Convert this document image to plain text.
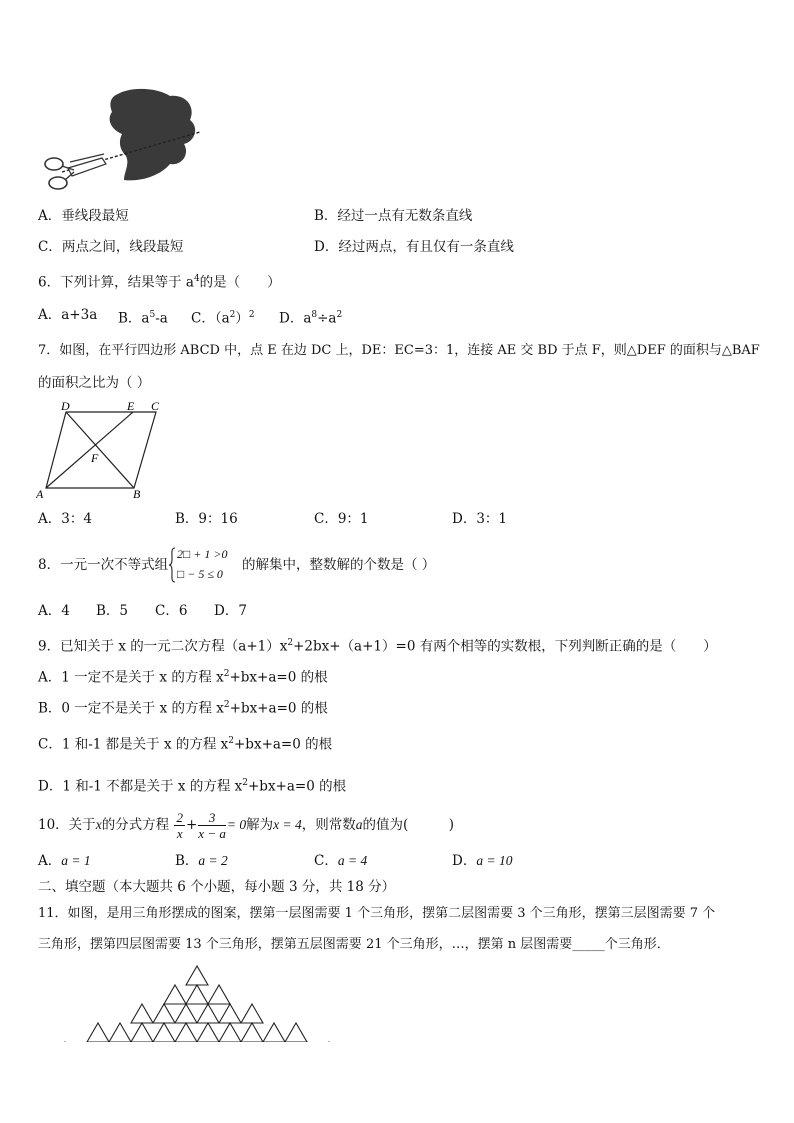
A．垂线段最短	B．经过一点有无数条直线
C．两点之间，线段最短	D．经过两点，有且仅有一条直线
6．下列计算，结果等于 $a^4$的是（　　）
A．a+3a B．$a^5-a$ C．$(a^2)^2$ D．$a^8\div a^2$
7．如图，在平行四边形 ABCD 中，点 E 在边 DC 上，DE：EC=3：1，连接 AE 交 BD 于点 F，则△DEF 的面积与△BAF
的面积之比为（ ）
D	E C
F
A	B
A．3：4	B．9：16	C．9：1	D．3：1
8．一元一次不等式组
2□ + 1 >0
□ − 5 ≤ 0
的解集中，整数解的个数是（ ）
A．4 B．5 C．6 D．7
9．已知关于 x 的一元二次方程$(a+1)x^2+2bx+(a+1)=0$ 有两个相等的实数根，下列判断正确的是（　　）
A．1 一定不是关于 x 的方程 $x^2+bx+a=0$ 的根
B．0 一定不是关于 x 的方程 $x^2+bx+a=0$ 的根
C．1 和-1 都是关于 x 的方程 $x^2+bx+a=0$ 的根
D．1 和-1 不都是关于 x 的方程 $x^2+bx+a=0$ 的根
10．关于x的分式方程 $\frac{2}{x} + \frac{3}{x - a} = 0$解为x = 4，则常数a的值为(　　　)
A．a = 1	B．a = 2	C．a = 4	D．a = 10
二、填空题（本大题共 6 个小题，每小题 3 分，共 18 分）
11．如图，是用三角形摆成的图案，摆第一层图需要 1 个三角形，摆第二层图需要 3 个三角形，摆第三层图需要 7 个
三角形，摆第四层图需要 13 个三角形，摆第五层图需要 21 个三角形，…，摆第 n 层图需要_____个三角形．
